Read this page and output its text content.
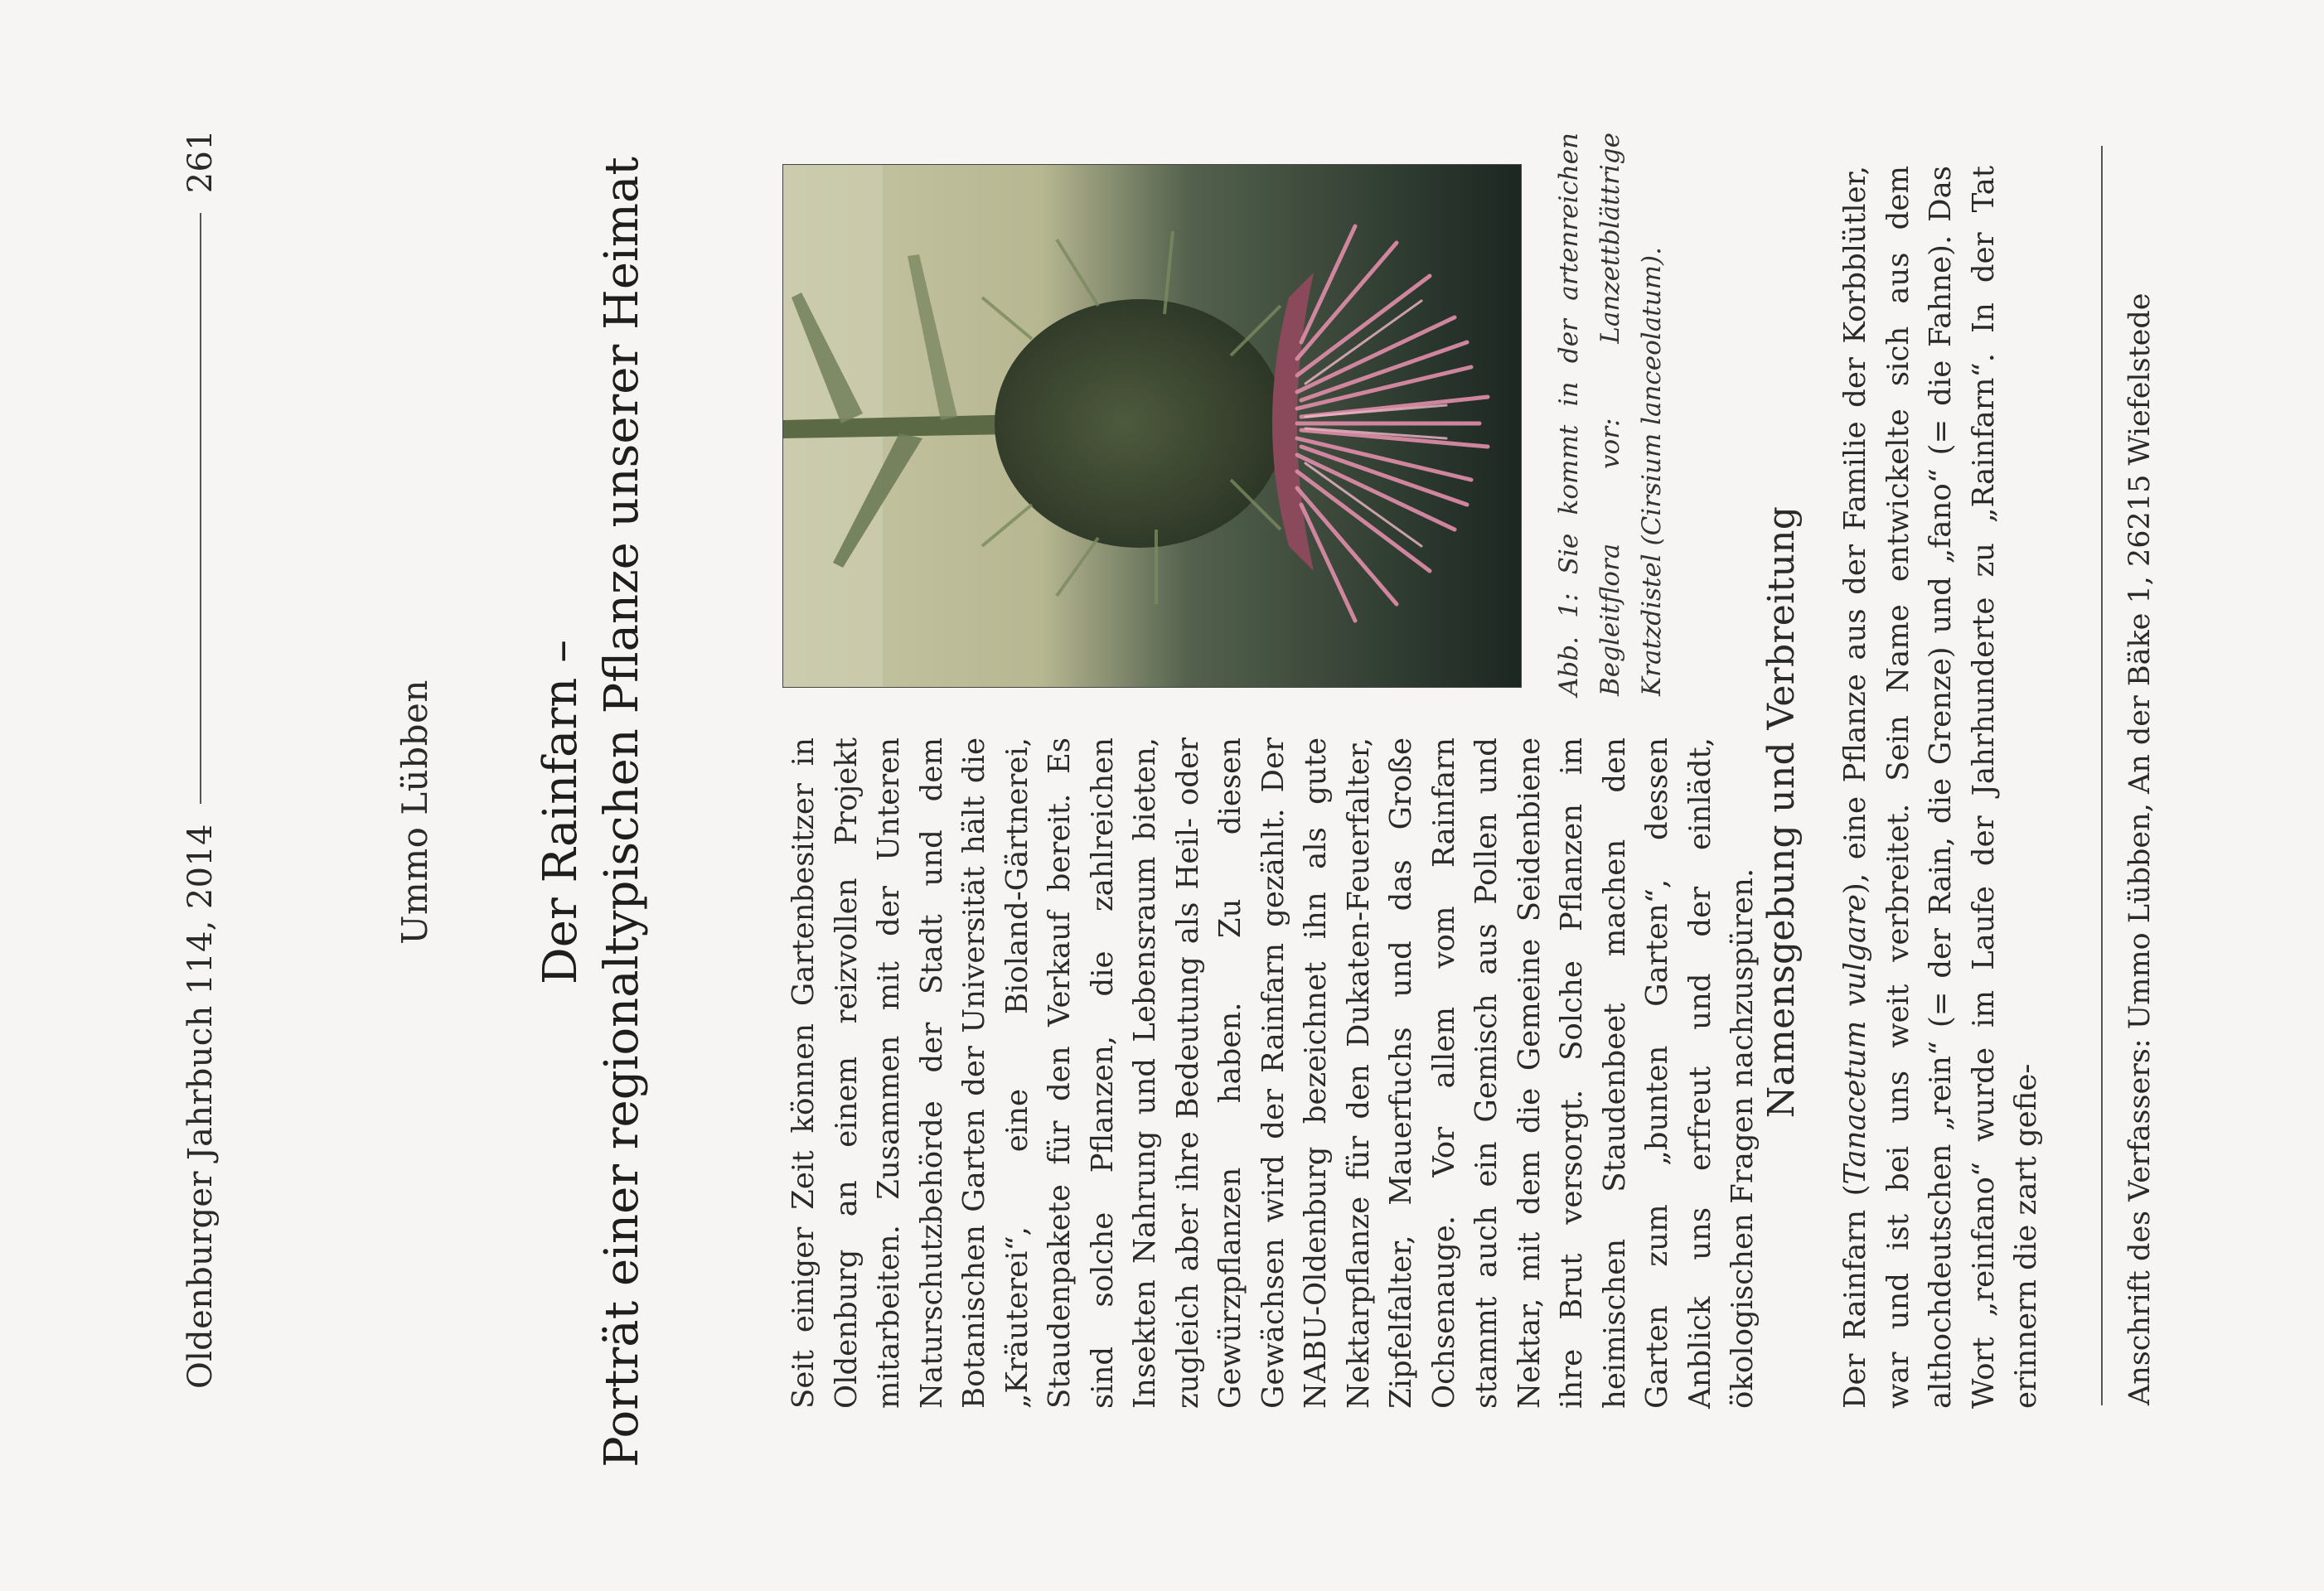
Oldenburger Jahrbuch 114, 2014
261
Ummo Lübben Der Rainfarn – Porträt einer regionaltypischen Pflanze unserer Heimat	Abb. 1: Sie kommt in der artenreichen Begleitflora vor: Lanzettblättrige Kratzdistel (Cirsium lanceolatum).
Seit einiger Zeit können Gartenbesitzer in Oldenburg an einem reizvollen Projekt mitarbeiten. Zusammen mit der Unteren Naturschutzbehörde der Stadt und dem Botanischen Garten der Universität hält die „Kräuterei“, eine Bioland-Gärtnerei, Staudenpakete für den Verkauf bereit. Es sind solche Pflanzen, die zahlreichen Insekten Nahrung und Lebensraum bieten, zugleich aber ihre Bedeutung als Heil- oder Gewürzpflanzen haben. Zu diesen Gewächsen wird der Rainfarn gezählt. Der NABU-Oldenburg bezeichnet ihn als gute Nektarpflanze für den Dukaten-Feuerfalter, Zipfelfalter, Mauerfuchs und das Große Ochsenauge. Vor allem vom Rainfarn stammt auch ein Gemisch aus Pollen und Nektar, mit dem die Gemeine Seidenbiene ihre Brut versorgt. Solche Pflanzen im heimischen Staudenbeet machen den Garten zum „bunten Garten“, dessen Anblick uns erfreut und der einlädt, ökologischen Fragen nachzuspüren.
Namensgebung und Verbreitung
Der Rainfarn (Tanacetum vulgare), eine Pflanze aus der Familie der Korbblütler, war und ist bei uns weit verbreitet. Sein Name entwickelte sich aus dem althochdeutschen „rein“ (= der Rain, die Grenze) und „fano“ (= die Fahne). Das Wort „reinfano“ wurde im Laufe der Jahrhunderte zu „Rainfarn“. In der Tat erinnern die zart gefie-	Anschrift des Verfassers: Ummo Lübben, An der Bäke 1, 26215 Wiefelstede
